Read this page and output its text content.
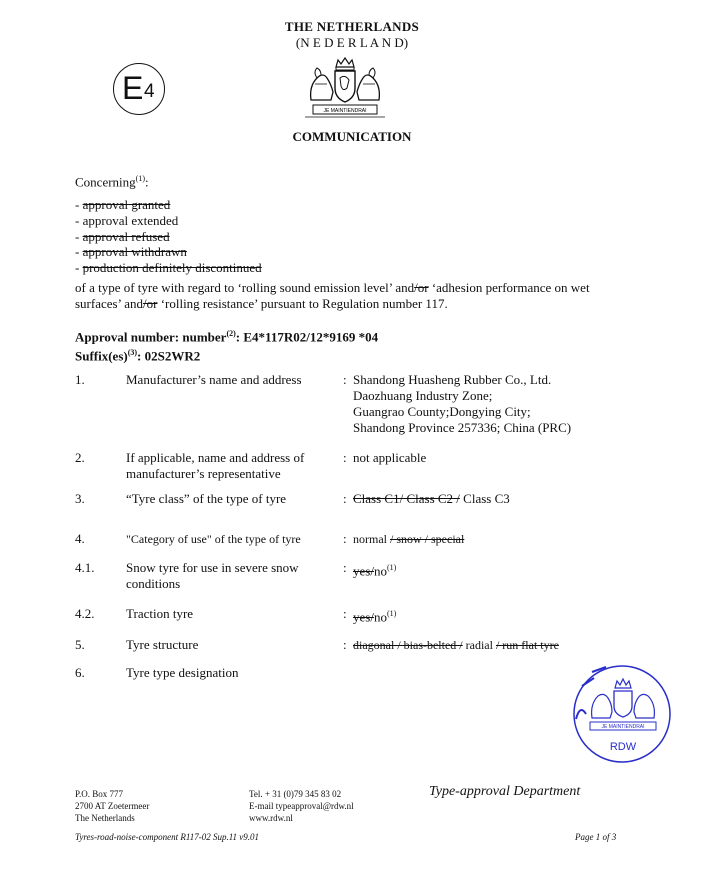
THE NETHERLANDS
(N E D E R L A N D)
E 4
JE MAINTIENDRAI
COMMUNICATION
Concerning$^{(1)}$:
- approval granted
- approval extended
- approval refused
- approval withdrawn
- production definitely discontinued
of a type of tyre with regard to ‘rolling sound emission level’ and/or ‘adhesion performance on wet
surfaces’ and/or ‘rolling resistance’ pursuant to Regulation number 117.
Approval number: number$^{(2)}$: E4*117R02/12*9169 *04
Suffix(es)$^{(3)}$: 02S2WR2
1.	Manufacturer’s name and address	: Shandong Huasheng Rubber Co., Ltd.
Daozhuang Industry Zone;
Guangrao County;Dongying City;
Shandong Province 257336; China (PRC)
2.	If applicable, name and address of manufacturer’s representative
: not applicable
3.	“Tyre class” of the type of tyre	: Class C1/ Class C2 / Class C3
4.	"Category of use" of the type of tyre	: normal / snow / special
4.1. Snow tyre for use in severe snow conditions
: yes/$no^{(1)}$
4.2. Traction tyre	: yes/$no^{(1)}$
5.	Tyre structure	: diagonal / bias-belted / radial / run flat tyre
6.	Tyre type designation
JE MAINTIENDRAI
RDW
P.O. Box 777
2700 AT Zoetermeer
The Netherlands
Tel. + 31 (0)79 345 83 02
E-mail typeapproval@rdw.nl
www.rdw.nl
Type-approval Department
Tyres-road-noise-component R117-02 Sup.11 v9.01	Page 1 of 3
